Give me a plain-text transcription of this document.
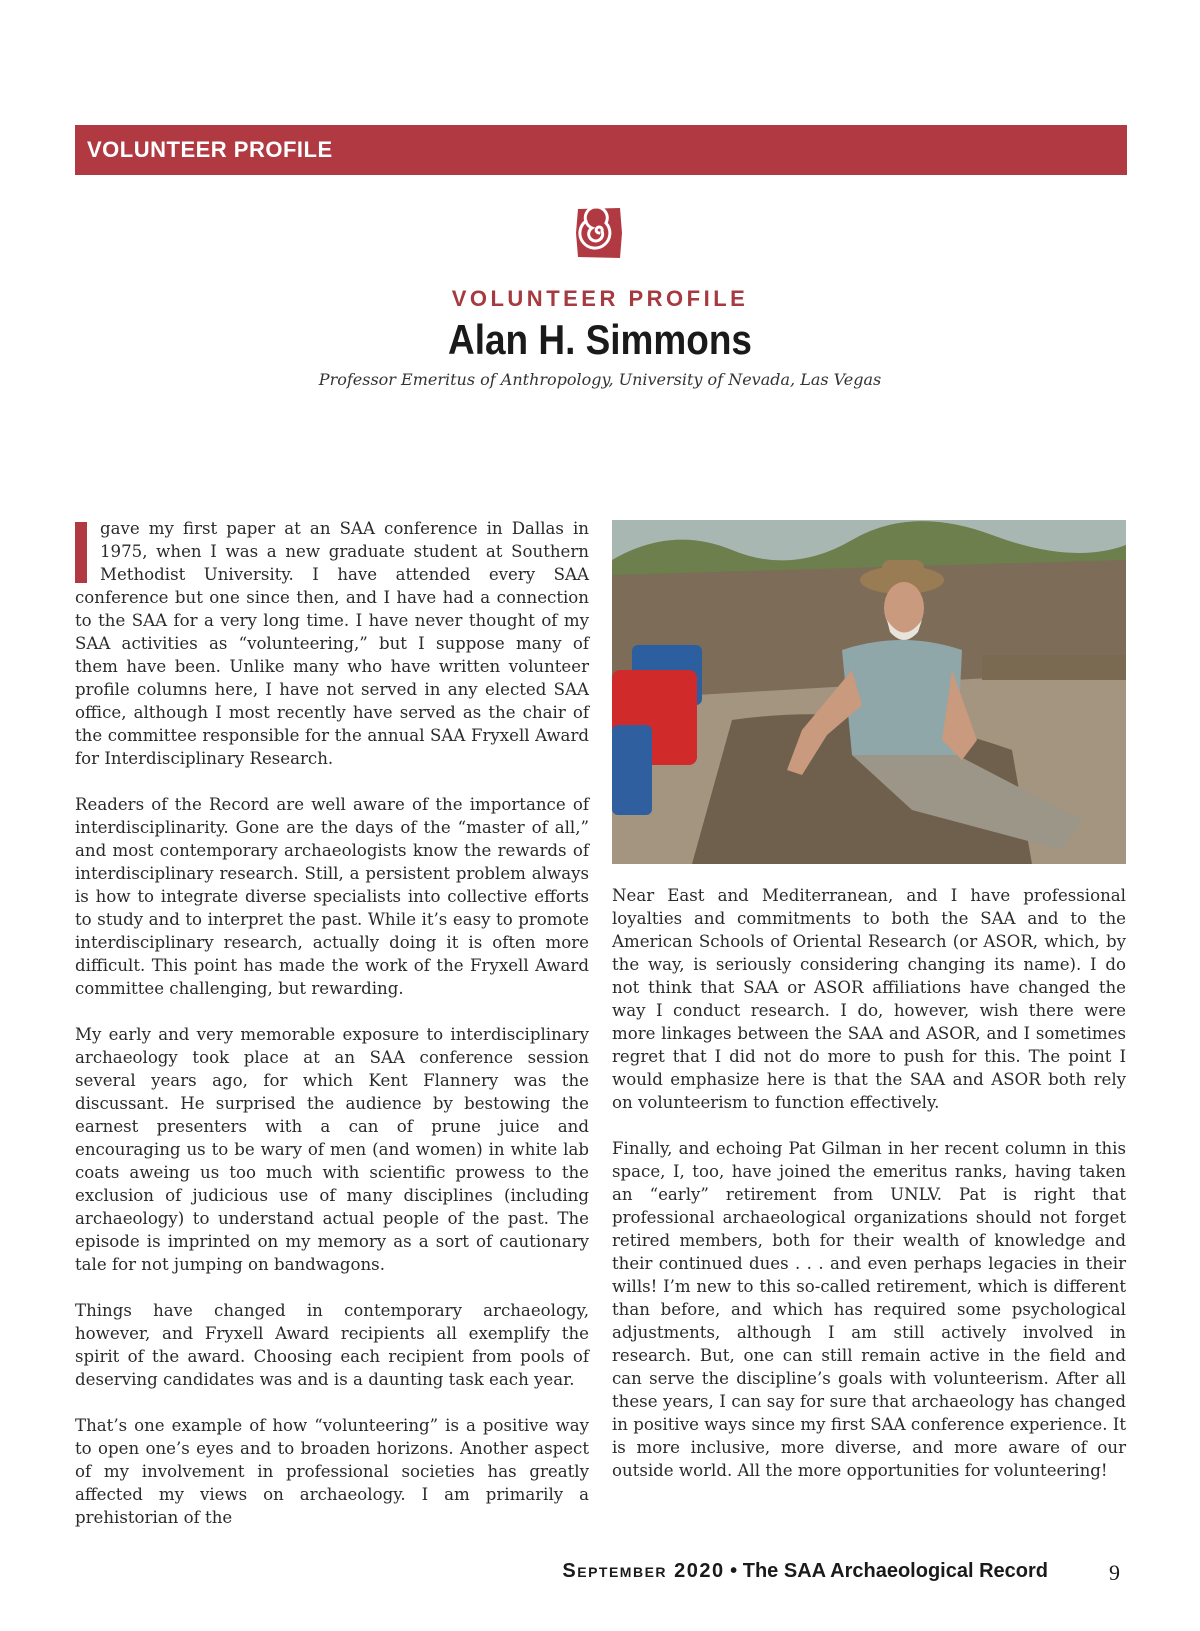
VOLUNTEER PROFILE
VOLUNTEER PROFILE
Alan H. Simmons
Professor Emeritus of Anthropology, University of Nevada, Las Vegas

gave my first paper at an SAA conference in Dallas in 1975, when I was a new graduate student at Southern Methodist University. I have attended every SAA conference but one since then, and I have had a connection to the SAA for a very long time. I have never thought of my SAA activities as “volunteering,” but I suppose many of them have been. Unlike many who have written volunteer profile columns here, I have not served in any elected SAA office, although I most recently have served as the chair of the committee responsible for the annual SAA Fryxell Award for Interdisciplinary Research.

Readers of the Record are well aware of the importance of interdisciplinarity. Gone are the days of the “master of all,” and most contemporary archaeologists know the rewards of interdisciplinary research. Still, a persistent problem always is how to integrate diverse specialists into collective efforts to study and to interpret the past. While it’s easy to promote interdisciplinary research, actually doing it is often more difficult. This point has made the work of the Fryxell Award committee challenging, but rewarding.

My early and very memorable exposure to interdisciplinary archaeology took place at an SAA conference session several years ago, for which Kent Flannery was the discussant. He surprised the audience by bestowing the earnest presenters with a can of prune juice and encouraging us to be wary of men (and women) in white lab coats aweing us too much with scientific prowess to the exclusion of judicious use of many disciplines (including archaeology) to understand actual people of the past. The episode is imprinted on my memory as a sort of cautionary tale for not jumping on bandwagons.

Things have changed in contemporary archaeology, however, and Fryxell Award recipients all exemplify the spirit of the award. Choosing each recipient from pools of deserving candidates was and is a daunting task each year.

That’s one example of how “volunteering” is a positive way to open one’s eyes and to broaden horizons. Another aspect of my involvement in professional societies has greatly affected my views on archaeology. I am primarily a prehistorian of the

Near East and Mediterranean, and I have professional loyalties and commitments to both the SAA and to the American Schools of Oriental Research (or ASOR, which, by the way, is seriously considering changing its name). I do not think that SAA or ASOR affiliations have changed the way I conduct research. I do, however, wish there were more linkages between the SAA and ASOR, and I sometimes regret that I did not do more to push for this. The point I would emphasize here is that the SAA and ASOR both rely on volunteerism to function effectively.

Finally, and echoing Pat Gilman in her recent column in this space, I, too, have joined the emeritus ranks, having taken an “early” retirement from UNLV. Pat is right that professional archaeological organizations should not forget retired members, both for their wealth of knowledge and their continued dues . . . and even perhaps legacies in their wills! I’m new to this so-called retirement, which is different than before, and which has required some psychological adjustments, although I am still actively involved in research. But, one can still remain active in the field and can serve the discipline’s goals with volunteerism. After all these years, I can say for sure that archaeology has changed in positive ways since my first SAA conference experience. It is more inclusive, more diverse, and more aware of our outside world. All the more opportunities for volunteering!

September 2020 • The SAA Archaeological Record	9
